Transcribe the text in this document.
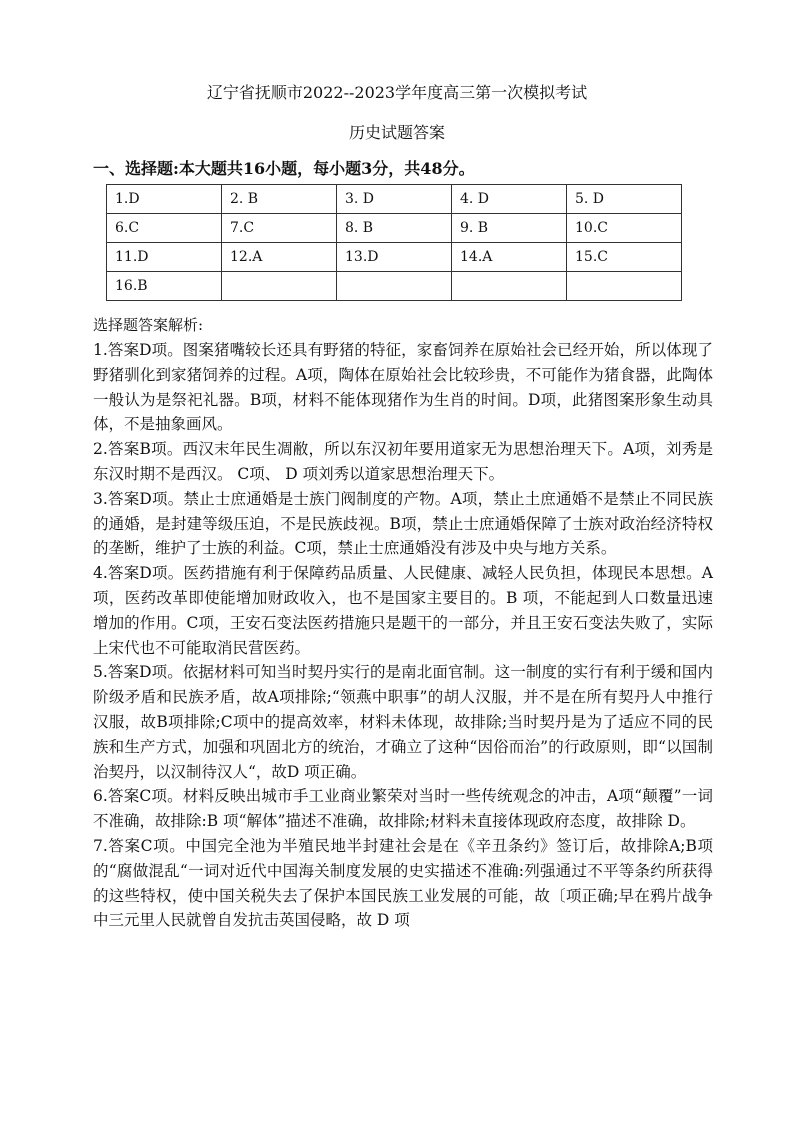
辽宁省抚顺市2022--2023学年度高三第一次模拟考试
历史试题答案
一、选择题:本大题共16小题，每小题3分，共48分。
1.D	2. B	3. D	4. D	5. D
6.C	7.C	8. B	9. B	10.C
11.D	12.A	13.D	14.A	15.C
16.B				
选择题答案解析:

1.答案D项。图案猪嘴较长还具有野猪的特征，家畜饲养在原始社会已经开始，所以体现了野猪驯化到家猪饲养的过程。A项，陶体在原始社会比较珍贵，不可能作为猪食器，此陶体一般认为是祭祀礼器。B项，材料不能体现猪作为生肖的时间。D项，此猪图案形象生动具体，不是抽象画风。

2.答案B项。西汉末年民生凋敝，所以东汉初年要用道家无为思想治理天下。A项，刘秀是东汉时期不是西汉。 C项、 D 项刘秀以道家思想治理天下。

3.答案D项。禁止士庶通婚是士族门阀制度的产物。A项，禁止土庶通婚不是禁止不同民族的通婚，是封建等级压迫，不是民族歧视。B项，禁止士庶通婚保障了士族对政治经济特权的垄断，维护了士族的利益。C项，禁止士庶通婚没有涉及中央与地方关系。

4.答案D项。医药措施有利于保障药品质量、人民健康、减轻人民负担，体现民本思想。A项，医药改革即使能增加财政收入，也不是国家主要目的。B 项，不能起到人口数量迅速增加的作用。C项，王安石变法医药措施只是题干的一部分，并且王安石变法失败了，实际上宋代也不可能取消民营医药。

5.答案D项。依据材料可知当时契丹实行的是南北面官制。这一制度的实行有利于缓和国内阶级矛盾和民族矛盾，故A项排除;“领燕中职事”的胡人汉服，并不是在所有契丹人中推行汉服，故B项排除;C项中的提高效率，材料未体现，故排除;当时契丹是为了适应不同的民族和生产方式，加强和巩固北方的统治，才确立了这种“因俗而治”的行政原则，即“以国制治契丹，以汉制待汉人“，故D 项正确。

6.答案C项。材料反映出城市手工业商业繁荣对当时一些传统观念的冲击，A项“颠覆”一词不准确，故排除:B 项“解体”描述不准确，故排除;材料未直接体现政府态度，故排除 D。

7.答案C项。中国完全池为半殖民地半封建社会是在《辛丑条约》签订后，故排除A;B项的“腐做混乱“一词对近代中国海关制度发展的史实描述不准确:列强通过不平等条约所获得的这些特权，使中国关税失去了保护本国民族工业发展的可能，故〔项正确;早在鸦片战争中三元里人民就曾自发抗击英国侵略，故 D 项
